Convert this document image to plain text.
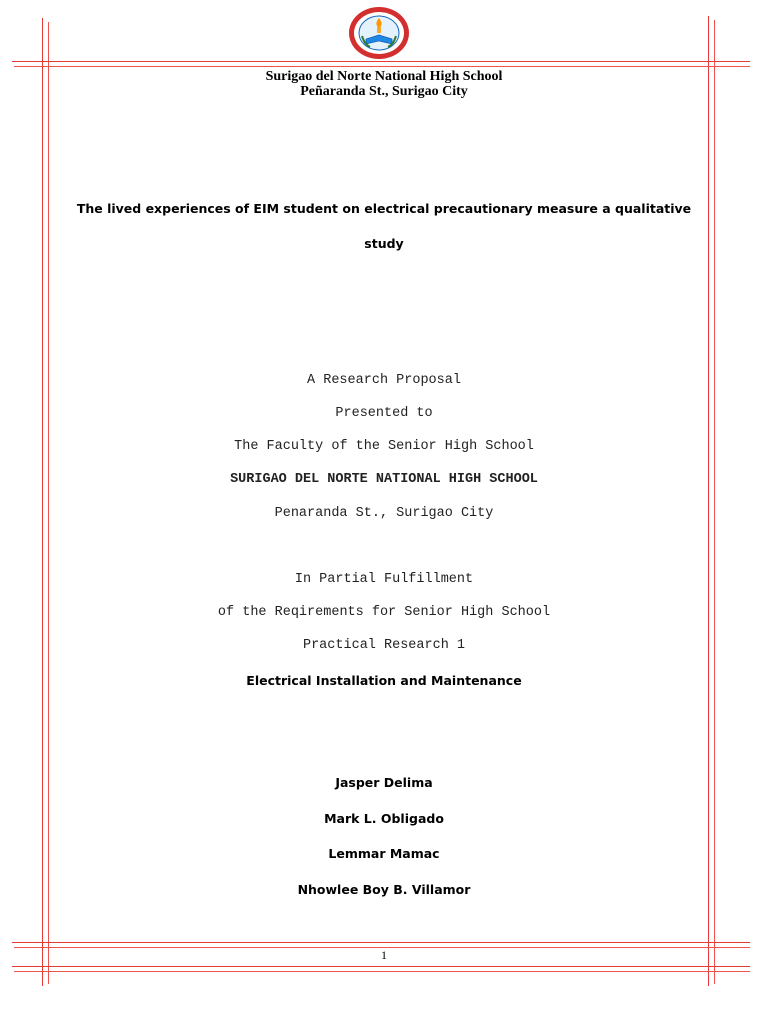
Surigao del Norte National High School
Peñaranda St., Surigao City
The lived experiences of EIM student on electrical precautionary measure a qualitative
study
A Research Proposal
Presented to
The Faculty of the Senior High School
SURIGAO DEL NORTE NATIONAL HIGH SCHOOL
Penaranda St., Surigao City
In Partial Fulfillment
of the Reqirements for Senior High School
Practical Research 1
Electrical Installation and Maintenance
Jasper Delima
Mark L. Obligado
Lemmar Mamac
Nhowlee Boy B. Villamor
1
